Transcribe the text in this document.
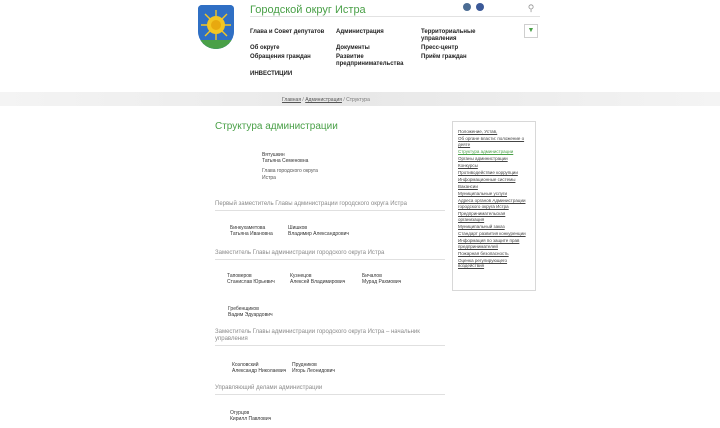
Городской округ Истра	⚲
Глава и Совет депутатов Администрация	Территориальные управления
Об округе	Документы	Пресс-центр
Обращения граждан	Развитие предпринимательства
Приём граждан
ИНВЕСТИЦИИ
▼
Главная / Администрация / Структура
Структура администрации
Вятушкин
Татьяна Семеновна
Глава городского округа
Истра
Первый заместитель Главы администрации городского округа Истра
Бинкухаметова
Татьяна Ивановна
Шишков
Владимир Александрович
Заместитель Главы администрации городского округа Истра
Таповеров
Станислав Юрьевич
Кузнецов
Алексей Владимирович
Бичалов
Мурад Рахмович
Гребенщиков
Вадим Эдуардович
Заместитель Главы администрации городского округа Истра – начальник
управления
Козловский
Александр Николаевич
Прудников
Игорь Леонидович
Управляющий делами администрации
Огурцов
Кирилл Павлович
Положение, Устав,
Об органе власти: положение о деяте
Структура администрации
Органы администрации
Конкурсы
Противодействие коррупции
Информационные системы
Вакансии
Муниципальные услуги
Адреса органов Администрации городского округа Истра
Предпринимательская организация
Муниципальный заказ
Стандарт развития конкуренции
Информация по защите прав предпринимателей
Пожарная безопасность
Оценка регулирующего воздействия
